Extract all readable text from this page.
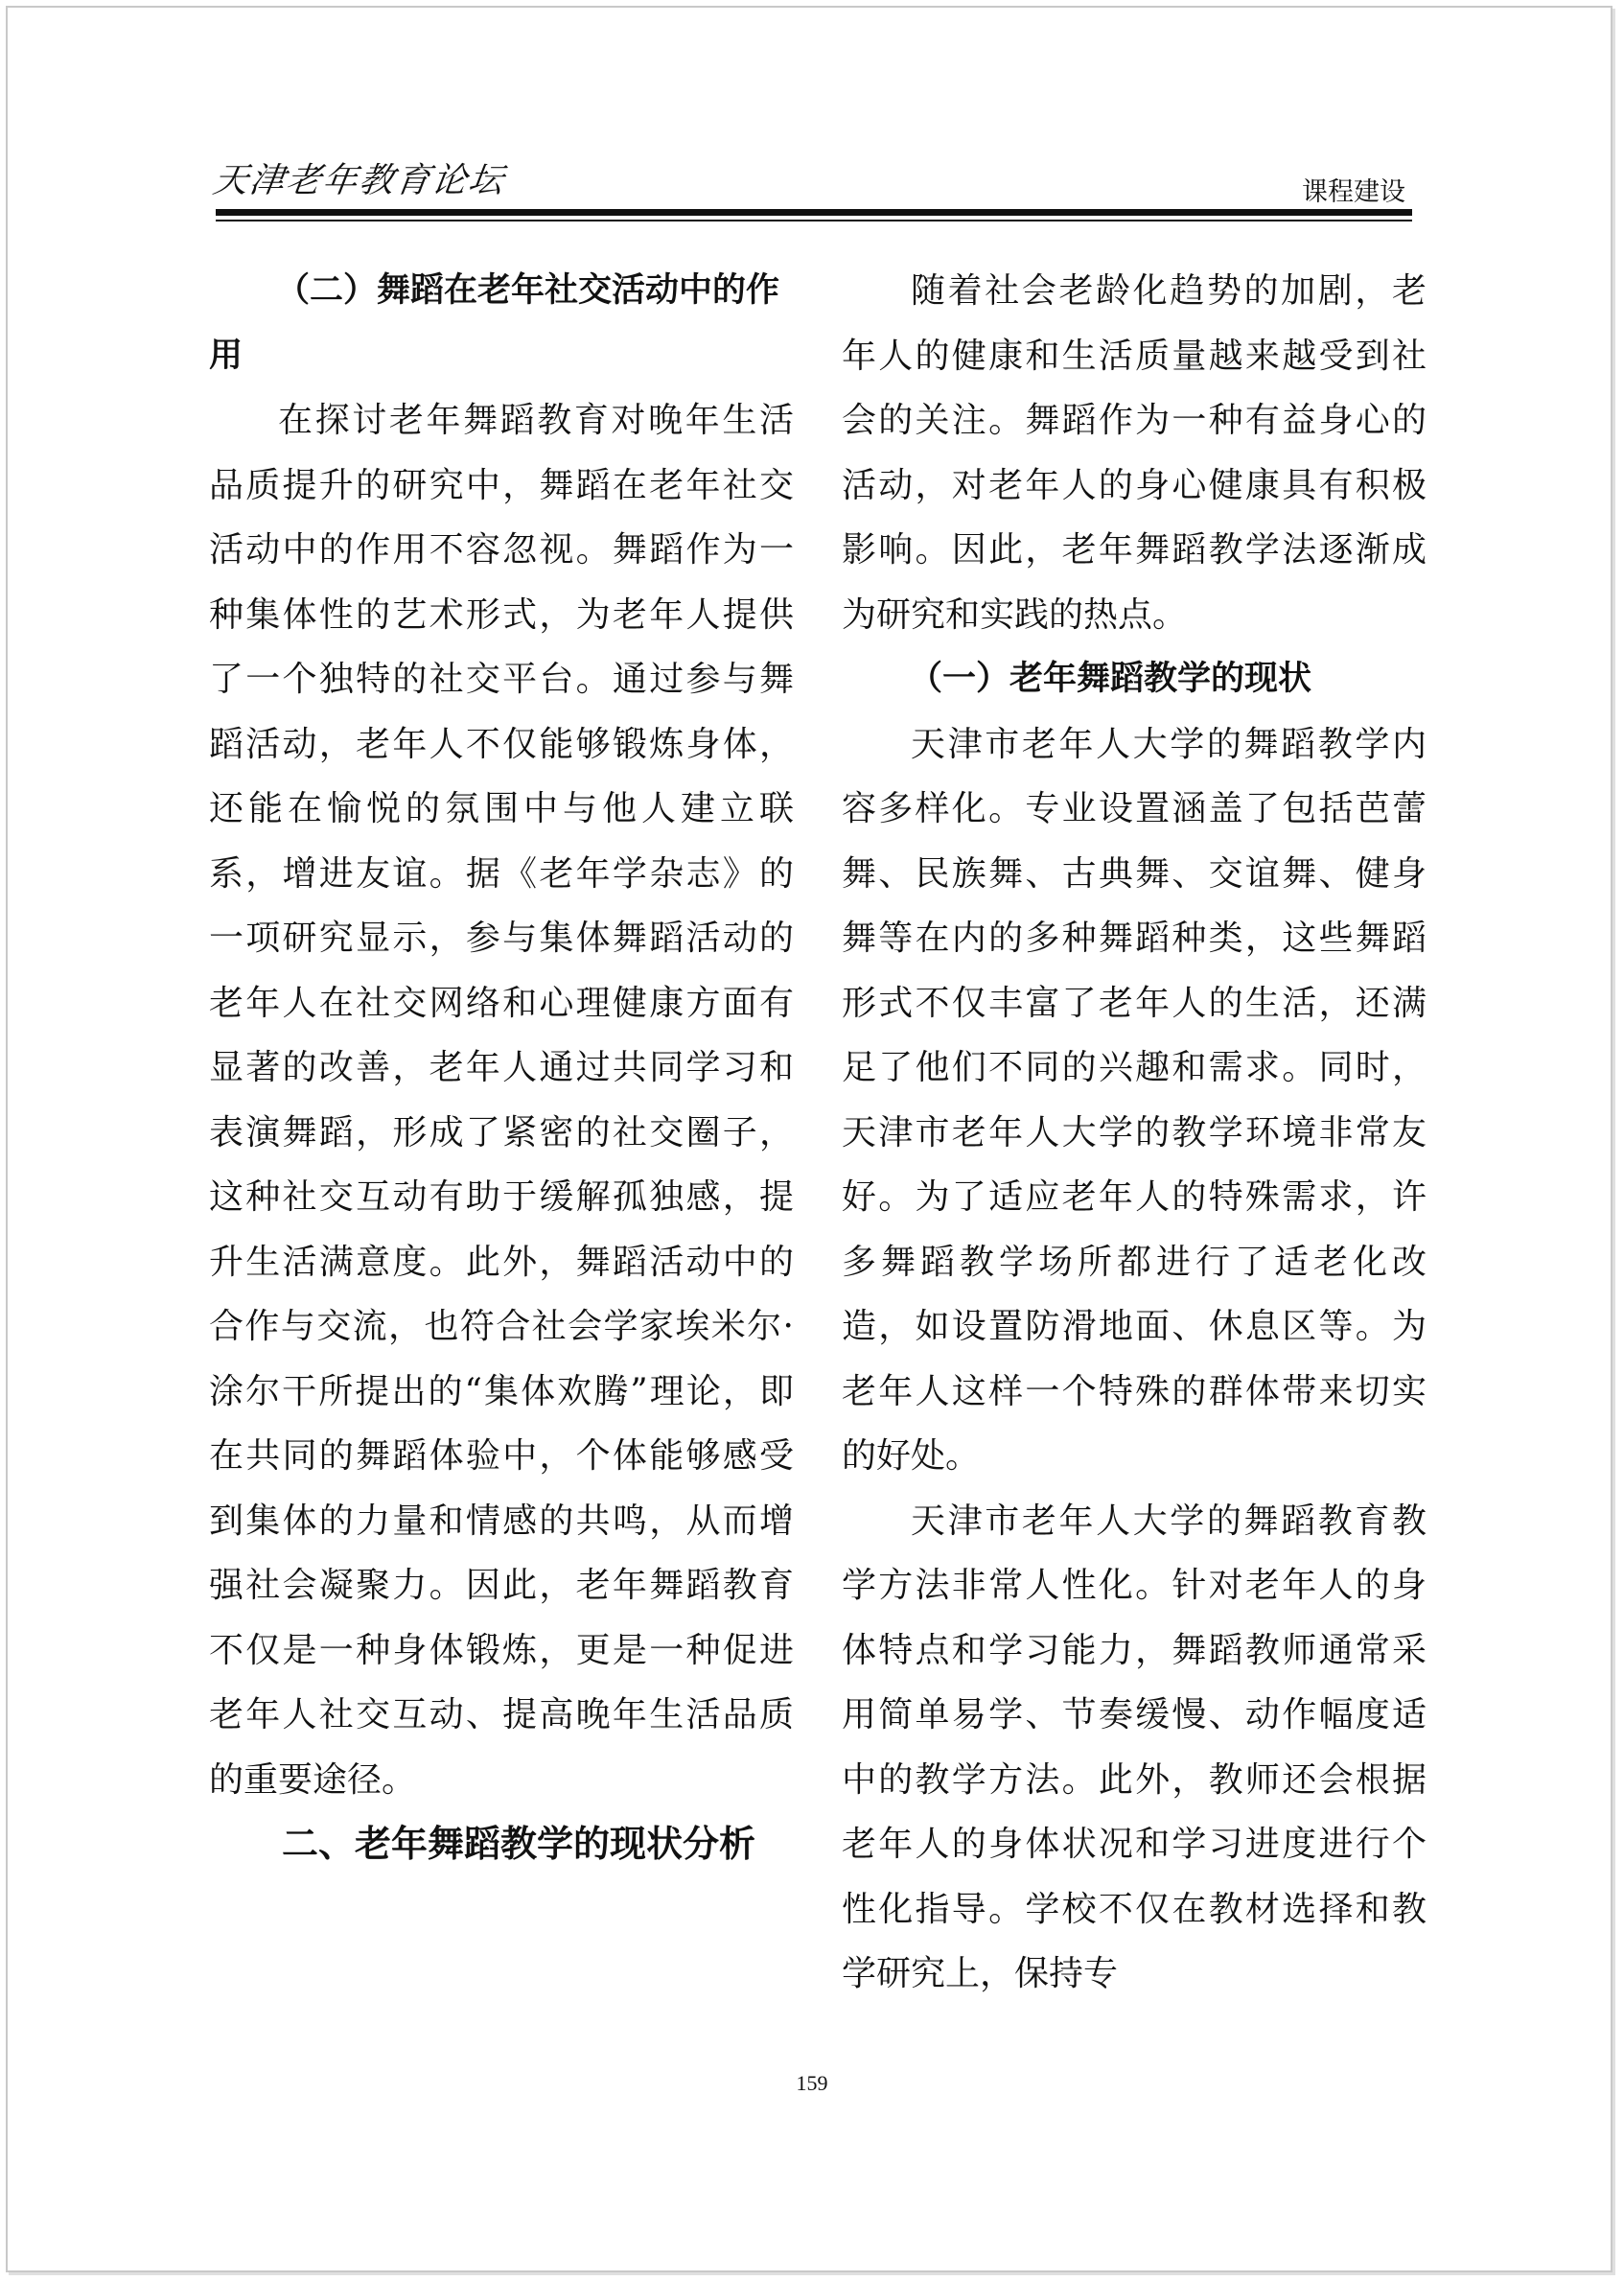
天津老年教育论坛	课程建设

（二）舞蹈在老年社交活动中的作用

在探讨老年舞蹈教育对晚年生活品质提升的研究中，舞蹈在老年社交活动中的作用不容忽视。舞蹈作为一种集体性的艺术形式，为老年人提供了一个独特的社交平台。通过参与舞蹈活动，老年人不仅能够锻炼身体，还能在愉悦的氛围中与他人建立联系，增进友谊。据《老年学杂志》的一项研究显示，参与集体舞蹈活动的老年人在社交网络和心理健康方面有显著的改善，老年人通过共同学习和表演舞蹈，形成了紧密的社交圈子，这种社交互动有助于缓解孤独感，提升生活满意度。此外，舞蹈活动中的合作与交流，也符合社会学家埃米尔·涂尔干所提出的“集体欢腾”理论，即在共同的舞蹈体验中，个体能够感受到集体的力量和情感的共鸣，从而增强社会凝聚力。因此，老年舞蹈教育不仅是一种身体锻炼，更是一种促进老年人社交互动、提高晚年生活品质的重要途径。

二、老年舞蹈教学的现状分析

随着社会老龄化趋势的加剧，老年人的健康和生活质量越来越受到社会的关注。舞蹈作为一种有益身心的活动，对老年人的身心健康具有积极影响。因此，老年舞蹈教学法逐渐成为研究和实践的热点。

（一）老年舞蹈教学的现状

天津市老年人大学的舞蹈教学内容多样化。专业设置涵盖了包括芭蕾舞、民族舞、古典舞、交谊舞、健身舞等在内的多种舞蹈种类，这些舞蹈形式不仅丰富了老年人的生活，还满足了他们不同的兴趣和需求。同时，天津市老年人大学的教学环境非常友好。为了适应老年人的特殊需求，许多舞蹈教学场所都进行了适老化改造，如设置防滑地面、休息区等。为老年人这样一个特殊的群体带来切实的好处。

天津市老年人大学的舞蹈教育教学方法非常人性化。针对老年人的身体特点和学习能力，舞蹈教师通常采用简单易学、节奏缓慢、动作幅度适中的教学方法。此外，教师还会根据老年人的身体状况和学习进度进行个性化指导。学校不仅在教材选择和教学研究上，保持专

159
